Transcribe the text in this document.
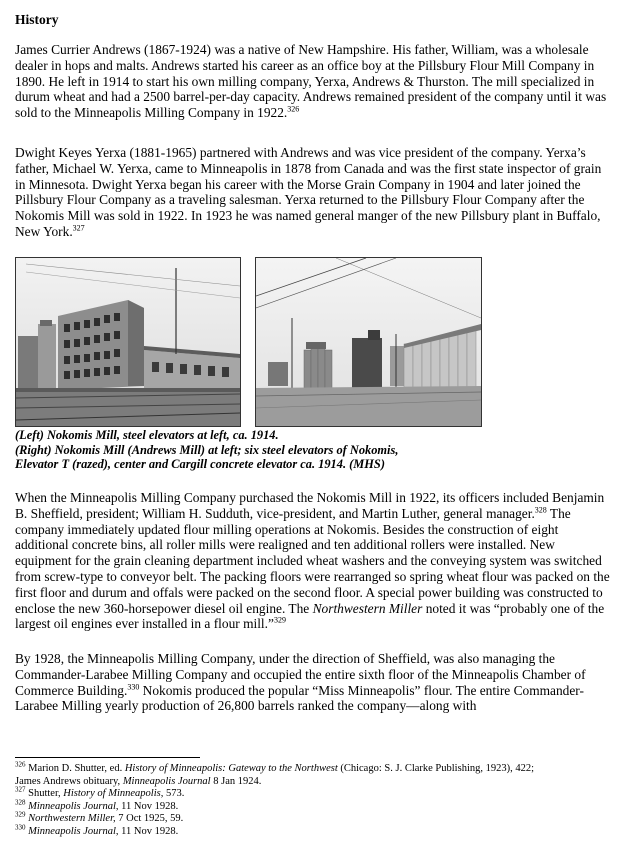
History

James Currier Andrews (1867-1924) was a native of New Hampshire. His father, William, was a wholesale dealer in hops and malts. Andrews started his career as an office boy at the Pillsbury Flour Mill Company in 1890. He left in 1914 to start his own milling company, Yerxa, Andrews & Thurston. The mill specialized in durum wheat and had a 2500 barrel-per-day capacity. Andrews remained president of the company until it was sold to the Minneapolis Milling Company in 1922.$^{326}$

Dwight Keyes Yerxa (1881-1965) partnered with Andrews and was vice president of the company. Yerxa’s father, Michael W. Yerxa, came to Minneapolis in 1878 from Canada and was the first state inspector of grain in Minnesota. Dwight Yerxa began his career with the Morse Grain Company in 1904 and later joined the Pillsbury Flour Company as a traveling salesman. Yerxa returned to the Pillsbury Flour Company after the Nokomis Mill was sold in 1922. In 1923 he was named general manger of the new Pillsbury plant in Buffalo, New York.$^{327}$

(Left) Nokomis Mill, steel elevators at left, ca. 1914.
(Right) Nokomis Mill (Andrews Mill) at left; six steel elevators of Nokomis,
Elevator T (razed), center and Cargill concrete elevator ca. 1914. (MHS)

When the Minneapolis Milling Company purchased the Nokomis Mill in 1922, its officers included Benjamin B. Sheffield, president; William H. Sudduth, vice-president, and Martin Luther, general manager.$^{328}$ The company immediately updated flour milling operations at Nokomis. Besides the construction of eight additional concrete bins, all roller mills were realigned and ten additional rollers were installed. New equipment for the grain cleaning department included wheat washers and the conveying system was switched from screw-type to conveyor belt. The packing floors were rearranged so spring wheat flour was packed on the first floor and durum and offals were packed on the second floor. A special power building was constructed to enclose the new 360-horsepower diesel oil engine. The Northwestern Miller noted it was “probably one of the largest oil engines ever installed in a flour mill.”$^{329}$

By 1928, the Minneapolis Milling Company, under the direction of Sheffield, was also managing the Commander-Larabee Milling Company and occupied the entire sixth floor of the Minneapolis Chamber of Commerce Building.$^{330}$ Nokomis produced the popular “Miss Minneapolis” flour. The entire Commander-Larabee Milling yearly production of 26,800 barrels ranked the company—along with

$^{326}$ Marion D. Shutter, ed. History of Minneapolis: Gateway to the Northwest (Chicago: S. J. Clarke Publishing, 1923), 422;
James Andrews obituary, Minneapolis Journal 8 Jan 1924.
$^{327}$ Shutter, History of Minneapolis, 573.
$^{328}$ Minneapolis Journal, 11 Nov 1928.
$^{329}$ Northwestern Miller, 7 Oct 1925, 59.
$^{330}$ Minneapolis Journal, 11 Nov 1928.
